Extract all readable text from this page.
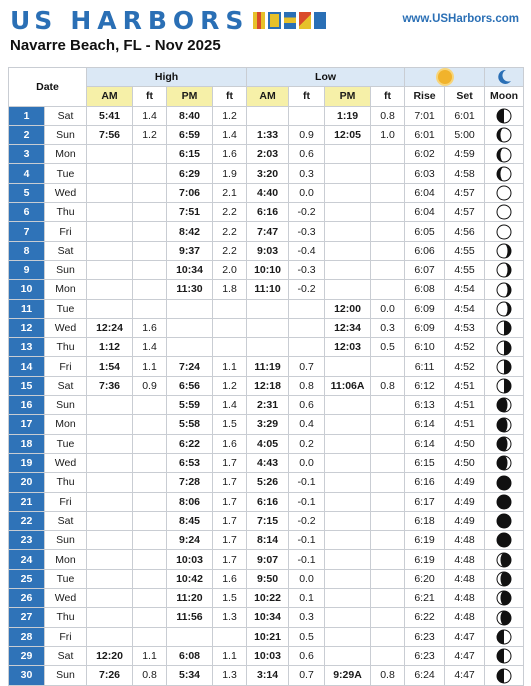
US HARBORS	www.USHarbors.com
Navarre Beach, FL - Nov 2025
Date		High				Low		
		AM	ft	PM	ft	AM	ft	PM	ft	Rise	Set	Moon
1	Sat	5:41	1.4	8:40	1.2			1:19	0.8	7:01	6:01	
2	Sun	7:56	1.2	6:59	1.4	1:33	0.9	12:05	1.0	6:01	5:00	
3	Mon			6:15	1.6	2:03	0.6			6:02	4:59	
4	Tue			6:29	1.9	3:20	0.3			6:03	4:58	
5	Wed			7:06	2.1	4:40	0.0			6:04	4:57	
6	Thu			7:51	2.2	6:16	-0.2			6:04	4:57	
7	Fri			8:42	2.2	7:47	-0.3			6:05	4:56	
8	Sat			9:37	2.2	9:03	-0.4			6:06	4:55	
9	Sun			10:34	2.0	10:10	-0.3			6:07	4:55	
10	Mon			11:30	1.8	11:10	-0.2			6:08	4:54	
11	Tue							12:00	0.0	6:09	4:54	
12	Wed	12:24	1.6					12:34	0.3	6:09	4:53	
13	Thu	1:12	1.4					12:03	0.5	6:10	4:52	
14	Fri	1:54	1.1	7:24	1.1	11:19	0.7			6:11	4:52	
15	Sat	7:36	0.9	6:56	1.2	12:18	0.8	11:06A	0.8	6:12	4:51	
16	Sun			5:59	1.4	2:31	0.6			6:13	4:51	
17	Mon			5:58	1.5	3:29	0.4			6:14	4:51	
18	Tue			6:22	1.6	4:05	0.2			6:14	4:50	
19	Wed			6:53	1.7	4:43	0.0			6:15	4:50	
20	Thu			7:28	1.7	5:26	-0.1			6:16	4:49	
21	Fri			8:06	1.7	6:16	-0.1			6:17	4:49	
22	Sat			8:45	1.7	7:15	-0.2			6:18	4:49	
23	Sun			9:24	1.7	8:14	-0.1			6:19	4:48	
24	Mon			10:03	1.7	9:07	-0.1			6:19	4:48	
25	Tue			10:42	1.6	9:50	0.0			6:20	4:48	
26	Wed			11:20	1.5	10:22	0.1			6:21	4:48	
27	Thu			11:56	1.3	10:34	0.3			6:22	4:48	
28	Fri					10:21	0.5			6:23	4:47	
29	Sat	12:20	1.1	6:08	1.1	10:03	0.6			6:23	4:47	
30	Sun	7:26	0.8	5:34	1.3	3:14	0.7	9:29A	0.8	6:24	4:47	
